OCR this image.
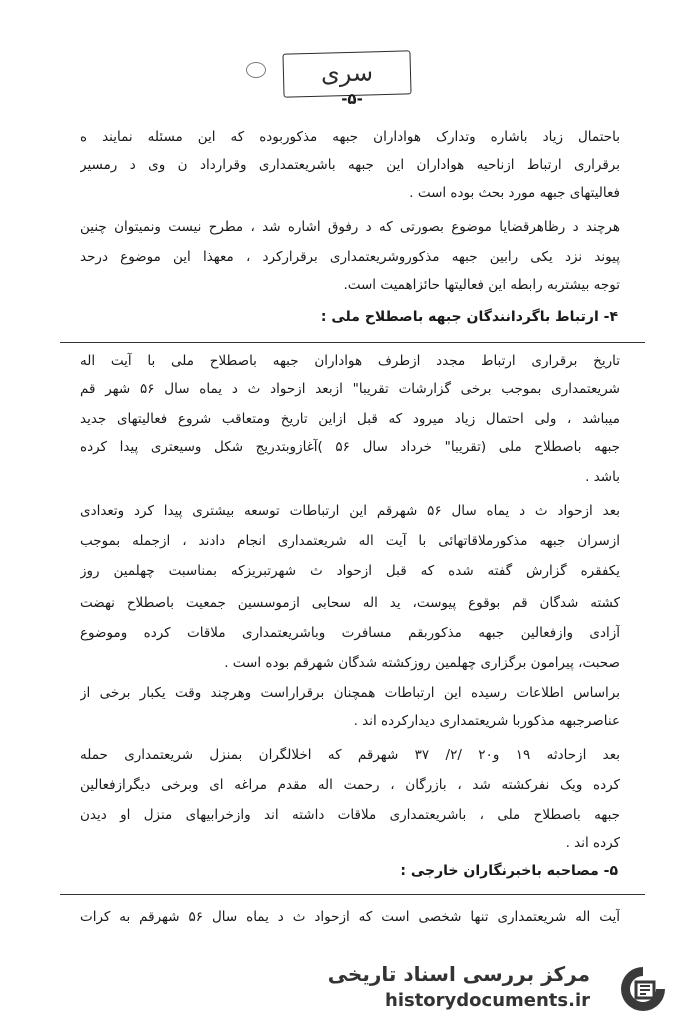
سری
-۵-
باحتمال زیاد باشاره وتدارک هواداران جبهه مذکوربوده که این مسئله نمایند ه
برقراری ارتباط ازناحیه هواداران این جبهه باشریعتمداری وقرارداد ن وی د رمسیر
فعالیتهای جبهه مورد بحث بوده است .
هرچند د رظاهرقضایا موضوع بصورتی که د رفوق اشاره شد ، مطرح نیست ونمیتوان چنین
پیوند نزد یکی رابین جبهه مذکوروشریعتمداری برقرارکرد ، معهذا این موضوع درحد
توجه بیشتربه رابطه این فعالیتها حائزاهمیت است.
۴- ارتباط باگردانندگان جبهه باصطلاح ملی :
تاریخ برقراری ارتباط مجدد ازطرف هواداران جبهه باصطلاح ملی با آیت اله
شریعتمداری بموجب برخی گزارشات تقریبا" ازبعد ازحواد ث د یماه سال ۵۶ شهر قم
میباشد ، ولی احتمال زیاد میرود که قبل ازاین تاریخ ومتعاقب شروع فعالیتهای جدید
جبهه باصطلاح ملی (تقریبا" خرداد سال ۵۶ )آغازوبتدریج شکل وسیعتری پیدا کرده
باشد .
بعد ازحواد ث د یماه سال ۵۶ شهرقم این ارتباطات توسعه بیشتری پیدا کرد وتعدادی
ازسران جبهه مذکورملاقاتهائی با آیت اله شریعتمداری انجام دادند ، ازجمله بموجب
یکفقره گزارش گفته شده که قبل ازحواد ث شهرتبریزکه بمناسبت چهلمین روز
کشته شدگان قم بوقوع پیوست، ید اله سحابی ازموسسین جمعیت باصطلاح نهضت
آزادی وازفعالین جبهه مذکوربقم مسافرت وباشریعتمداری ملاقات کرده وموضوع
صحبت، پیرامون برگزاری چهلمین روزکشته شدگان شهرقم بوده است .
براساس اطلاعات رسیده این ارتباطات همچنان برقراراست وهرچند وقت یکبار برخی از
عناصرجبهه مذکوربا شریعتمداری دیدارکرده اند .
بعد ازحادثه ۱۹ و۲۰ /۲/ ۳۷ شهرقم که اخلالگران بمنزل شریعتمداری حمله
کرده ویک نفرکشته شد ، بازرگان ، رحمت اله مقدم مراغه ای وبرخی دیگرازفعالین
جبهه باصطلاح ملی ، باشریعتمداری ملاقات داشته اند وازخرابیهای منزل او دیدن
کرده اند .
۵- مصاحبه باخبرنگاران خارجی :
آیت اله شریعتمداری تنها شخصی است که ازحواد ث د یماه سال ۵۶ شهرقم به کرات
مرکز بررسی اسناد تاریخی
historydocuments.ir
